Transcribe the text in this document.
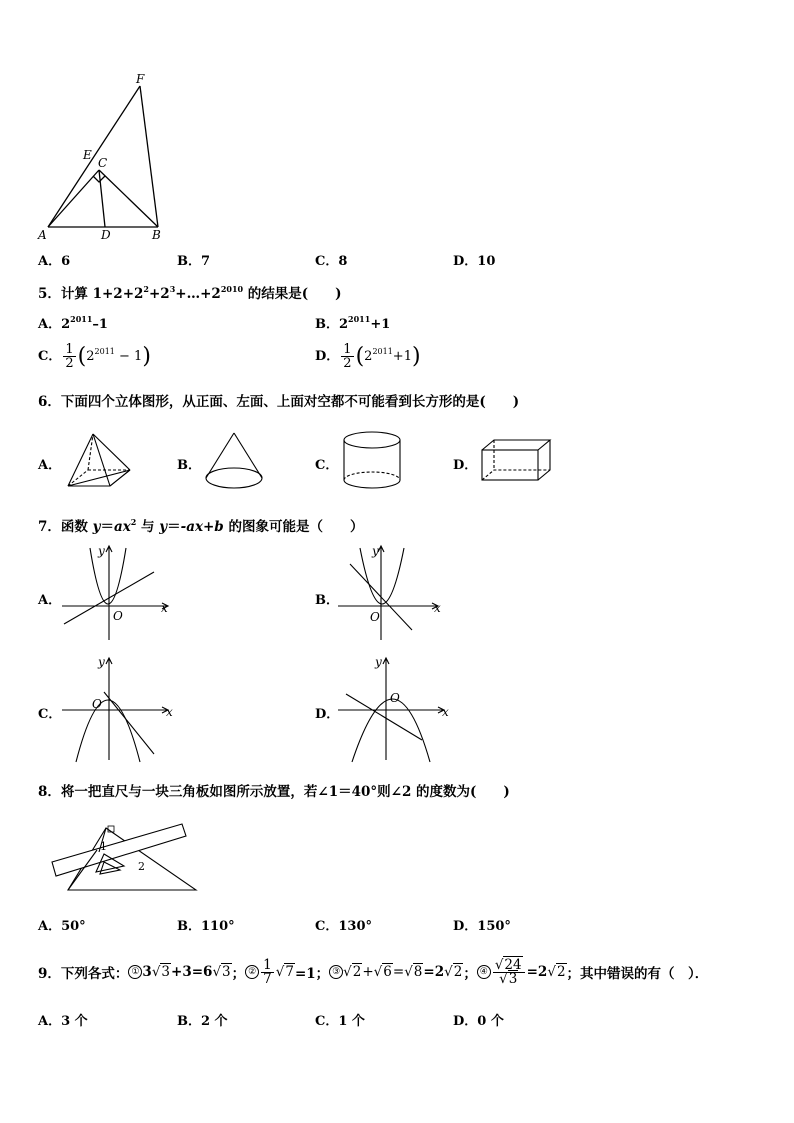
F
E
C
A	D	B
A．6	B．7	C．8	D．10
5．计算 $1+2+2^2+2^3+\dots+2^{2010}$ 的结果是(　　)
A．$2^{2011}-1$	B．$2^{2011}+1$
C． $\frac{1}{2} (2^{2011} - 1)$	D． $\frac{1}{2} (2^{2011}+1)$
6．下面四个立体图形，从正面、左面、上面对空都不可能看到长方形的是(　　)
A．	B．	C．	D．
7．函数 $y=ax^2$ 与 y＝-ax+b 的图象可能是（　　）
A．	x
y
O
B．	x
y
O
C．	x
y
O
D．	x
y
O
8．将一把直尺与一块三角板如图所示放置，若∠1＝40°则∠2 的度数为(　　)
1
2
A．50°	B．110°	C．130°	D．150°
9．下列各式： ① 3 √3 +3=6 √3 ； ② $\frac{1}{7} √7 =1$； ③ √2 + √6 = √8 =2 √2 ； ④ $\frac{√24}{√3} =2$ √2 ；其中错误的有（　）．
A．3 个	B．2 个	C．1 个	D．0 个
